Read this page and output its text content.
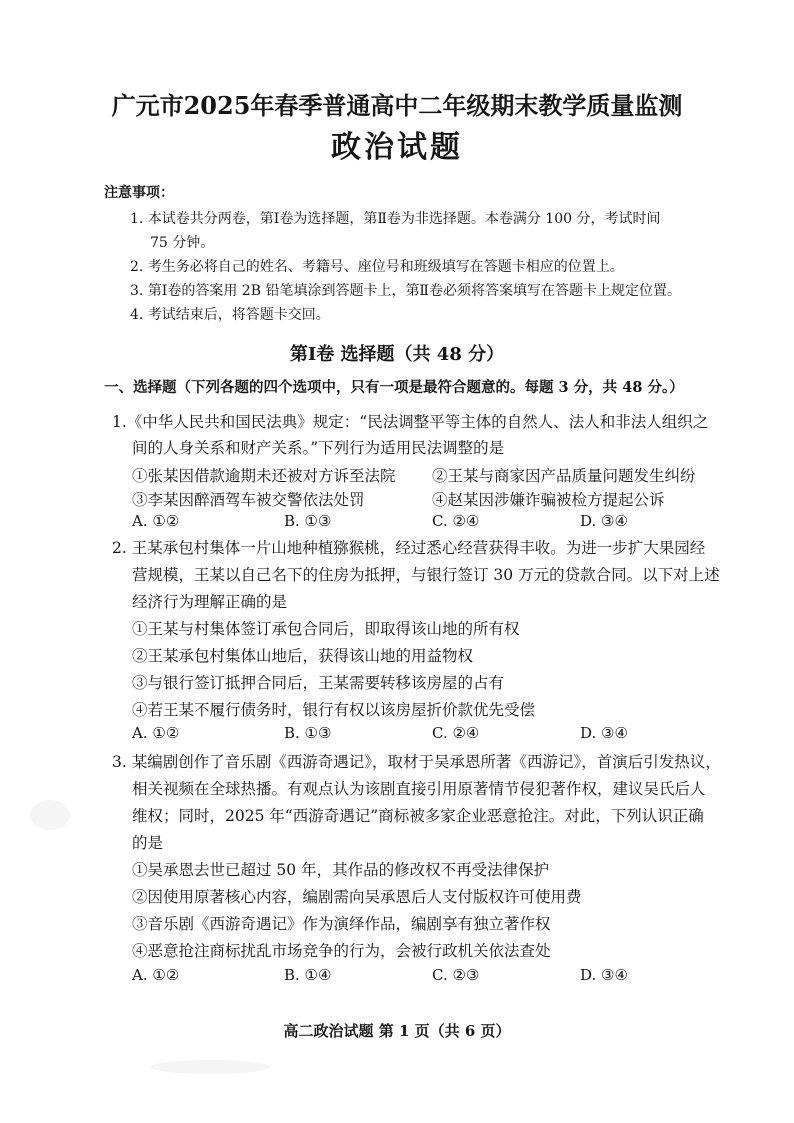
广元市2025年春季普通高中二年级期末教学质量监测
政治试题
注意事项：
1. 本试卷共分两卷，第Ⅰ卷为选择题，第Ⅱ卷为非选择题。本卷满分 100 分，考试时间
75 分钟。
2. 考生务必将自己的姓名、考籍号、座位号和班级填写在答题卡相应的位置上。
3. 第Ⅰ卷的答案用 2B 铅笔填涂到答题卡上，第Ⅱ卷必须将答案填写在答题卡上规定位置。
4. 考试结束后，将答题卡交回。
第Ⅰ卷 选择题（共 48 分）
一、选择题（下列各题的四个选项中，只有一项是最符合题意的。每题 3 分，共 48 分。）
1.《中华人民共和国民法典》规定：“民法调整平等主体的自然人、法人和非法人组织之
间的人身关系和财产关系。”下列行为适用民法调整的是
①张某因借款逾期未还被对方诉至法院 ②王某与商家因产品质量问题发生纠纷
③李某因醉酒驾车被交警依法处罚	④赵某因涉嫌诈骗被检方提起公诉
A. ①②	B. ①③	C. ②④	D. ③④
2. 王某承包村集体一片山地种植猕猴桃，经过悉心经营获得丰收。为进一步扩大果园经
营规模，王某以自己名下的住房为抵押，与银行签订 30 万元的贷款合同。以下对上述
经济行为理解正确的是
①王某与村集体签订承包合同后，即取得该山地的所有权
②王某承包村集体山地后，获得该山地的用益物权
③与银行签订抵押合同后，王某需要转移该房屋的占有
④若王某不履行债务时，银行有权以该房屋折价款优先受偿
A. ①②	B. ①③	C. ②④	D. ③④
3. 某编剧创作了音乐剧《西游奇遇记》，取材于吴承恩所著《西游记》，首演后引发热议，
相关视频在全球热播。有观点认为该剧直接引用原著情节侵犯著作权，建议吴氏后人
维权；同时，2025 年“西游奇遇记”商标被多家企业恶意抢注。对此，下列认识正确
的是
①吴承恩去世已超过 50 年，其作品的修改权不再受法律保护
②因使用原著核心内容，编剧需向吴承恩后人支付版权许可使用费
③音乐剧《西游奇遇记》作为演绎作品，编剧享有独立著作权
④恶意抢注商标扰乱市场竞争的行为，会被行政机关依法查处
A. ①②	B. ①④	C. ②③	D. ③④
高二政治试题 第 1 页（共 6 页）
